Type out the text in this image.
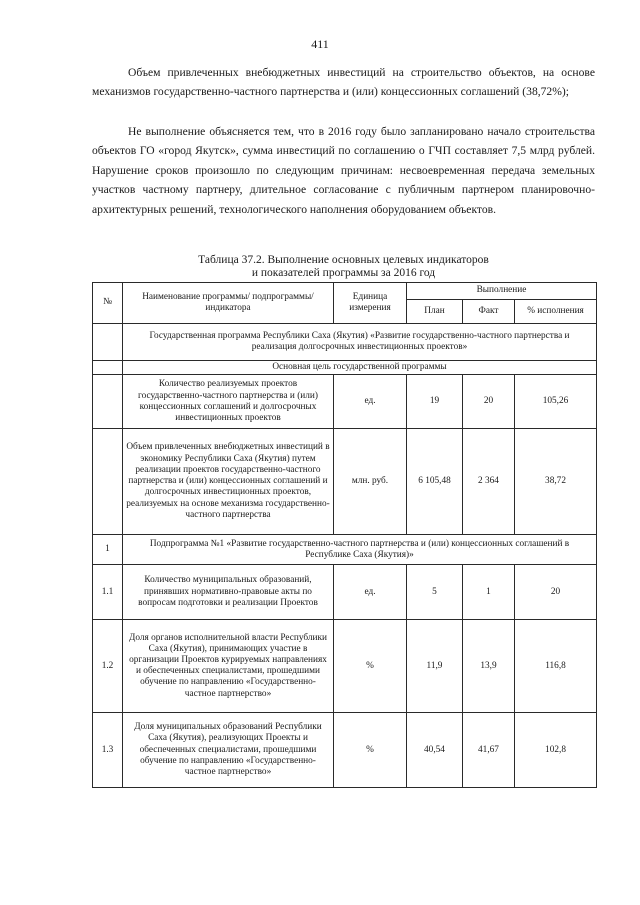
411

Объем привлеченных внебюджетных инвестиций на строительство объектов, на основе механизмов государственно-частного партнерства и (или) концессионных соглашений (38,72%);

Не выполнение объясняется тем, что в 2016 году было запланировано начало строительства объектов ГО «город Якутск», сумма инвестиций по соглашению о ГЧП составляет 7,5 млрд рублей. Нарушение сроков произошло по следующим причинам: несвоевременная передача земельных участков частному партнеру, длительное согласование с публичным партнером планировочно-архитектурных решений, технологического наполнения оборудованием объектов.

Таблица 37.2. Выполнение основных целевых индикаторов
и показателей программы за 2016 год
№	Наименование программы/ подпрограммы/индикатора	Единица измерения	Выполнение		
			План	Факт	% исполнения
	Государственная программа Республики Саха (Якутия) «Развитие государственно-частного партнерства и реализация долгосрочных инвестиционных проектов»				
	Основная цель государственной программы				
	Количество реализуемых проектов государственно-частного партнерства и (или) концессионных соглашений и долгосрочных инвестиционных проектов	ед.	19	20	105,26
	Объем привлеченных внебюджетных инвестиций в экономику Республики Саха (Якутия) путем реализации проектов государственно-частного партнерства и (или) концессионных соглашений и долгосрочных инвестиционных проектов, реализуемых на основе механизма государственно-частного партнерства	млн. руб.	6 105,48	2 364	38,72
1	Подпрограмма №1 «Развитие государственно-частного партнерства и (или) концессионных соглашений в Республике Саха (Якутия)»				
1.1	Количество муниципальных образований, принявших нормативно-правовые акты по вопросам подготовки и реализации Проектов	ед.	5	1	20
1.2	Доля органов исполнительной власти Республики Саха (Якутия), принимающих участие в организации Проектов курируемых направлениях и обеспеченных специалистами, прошедшими обучение по направлению «Государственно-частное партнерство»	%	11,9	13,9	116,8
1.3	Доля муниципальных образований Республики Саха (Якутия), реализующих Проекты и обеспеченных специалистами, прошедшими обучение по направлению «Государственно-частное партнерство»	%	40,54	41,67	102,8
